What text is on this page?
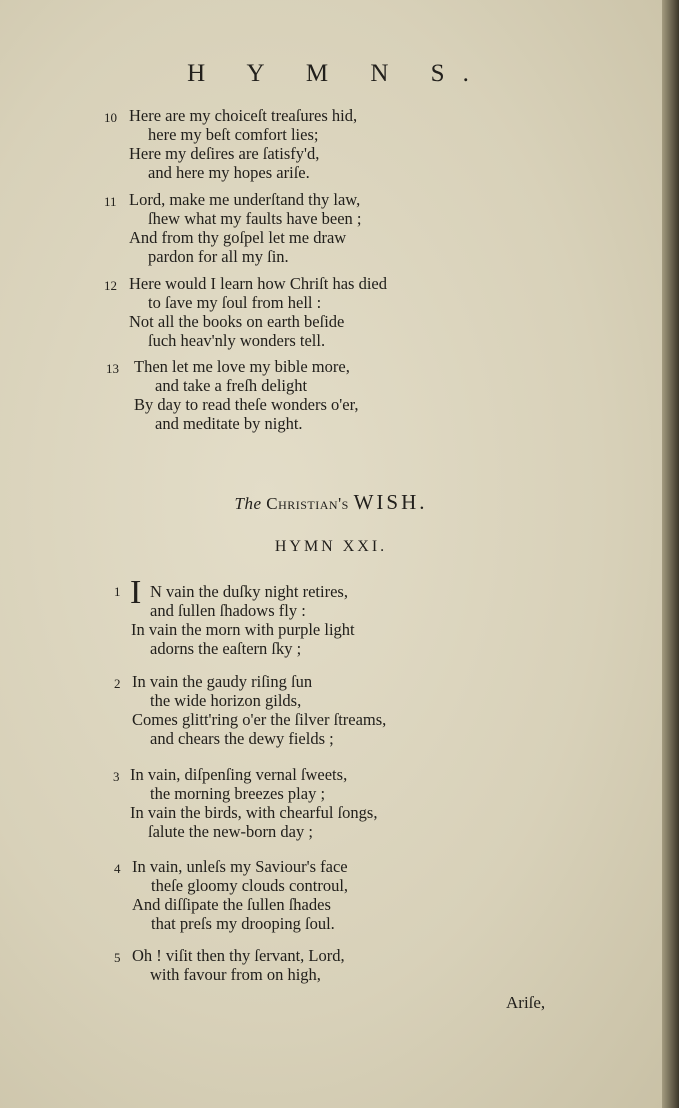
H Y M N S.
10 Here are my choiceſt treaſures hid,
here my beſt comfort lies;
Here my deſires are ſatisfy'd,
and here my hopes ariſe.
11 Lord, make me underſtand thy law,
ſhew what my faults have been ;
And from thy goſpel let me draw
pardon for all my ſin.
12 Here would I learn how Chriſt has died
to ſave my ſoul from hell :
Not all the books on earth beſide
ſuch heav'nly wonders tell.
13 Then let me love my bible more,
and take a freſh delight
By day to read theſe wonders o'er,
and meditate by night.
The Christian's WISH.
HYMN XXI.
1 I N vain the duſky night retires,
and ſullen ſhadows fly :
In vain the morn with purple light
adorns the eaſtern ſky ;
2 In vain the gaudy riſing ſun
the wide horizon gilds,
Comes glitt'ring o'er the ſilver ſtreams,
and chears the dewy fields ;
3 In vain, diſpenſing vernal ſweets,
the morning breezes play ;
In vain the birds, with chearful ſongs,
ſalute the new-born day ;
4 In vain, unleſs my Saviour's face
theſe gloomy clouds controul,
And diſſipate the ſullen ſhades
that preſs my drooping ſoul.
5 Oh ! viſit then thy ſervant, Lord,
with favour from on high,
Ariſe,
